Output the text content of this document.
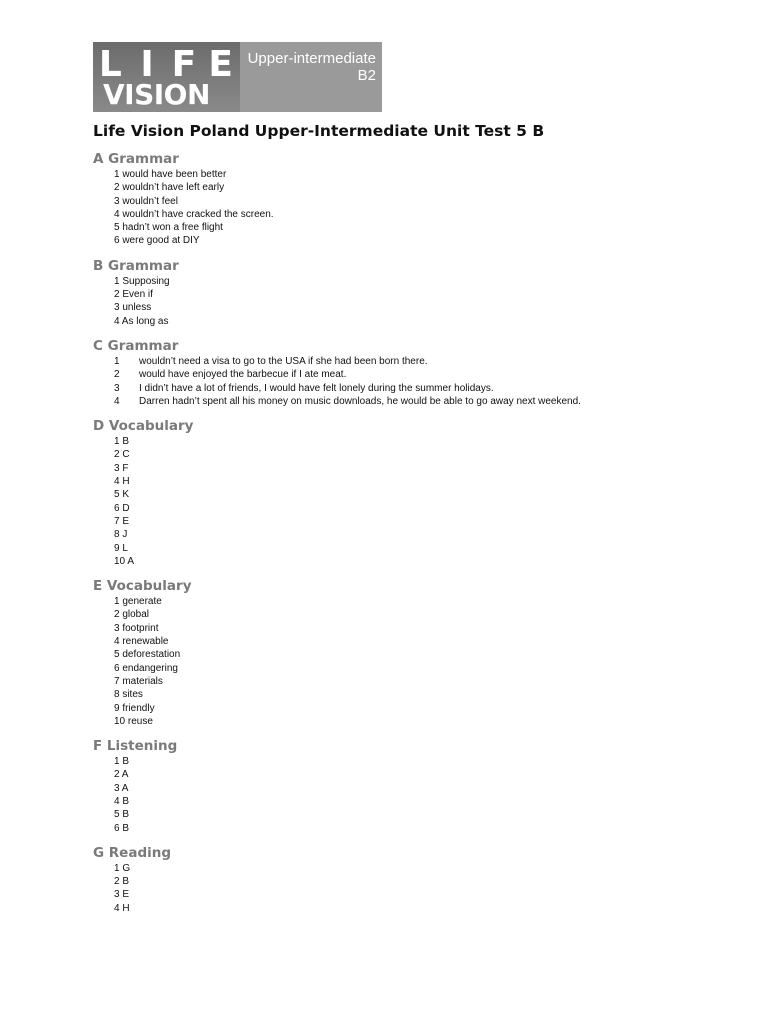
L I F E
VISION
Upper-intermediate
B2
Life Vision Poland Upper-Intermediate Unit Test 5 B
A Grammar
1 would have been better
2 wouldn’t have left early
3 wouldn’t feel
4 wouldn’t have cracked the screen.
5 hadn’t won a free flight
6 were good at DIY
B Grammar
1 Supposing
2 Even if
3 unless
4 As long as
C Grammar
1	wouldn’t need a visa to go to the USA if she had been born there.
2	would have enjoyed the barbecue if I ate meat.
3	I didn’t have a lot of friends, I would have felt lonely during the summer holidays.
4	Darren hadn’t spent all his money on music downloads, he would be able to go away next weekend.
D Vocabulary
1 B
2 C
3 F
4 H
5 K
6 D
7 E
8 J
9 L
10 A
E Vocabulary
1 generate
2 global
3 footprint
4 renewable
5 deforestation
6 endangering
7 materials
8 sites
9 friendly
10 reuse
F Listening
1 B
2 A
3 A
4 B
5 B
6 B
G Reading
1 G
2 B
3 E
4 H
